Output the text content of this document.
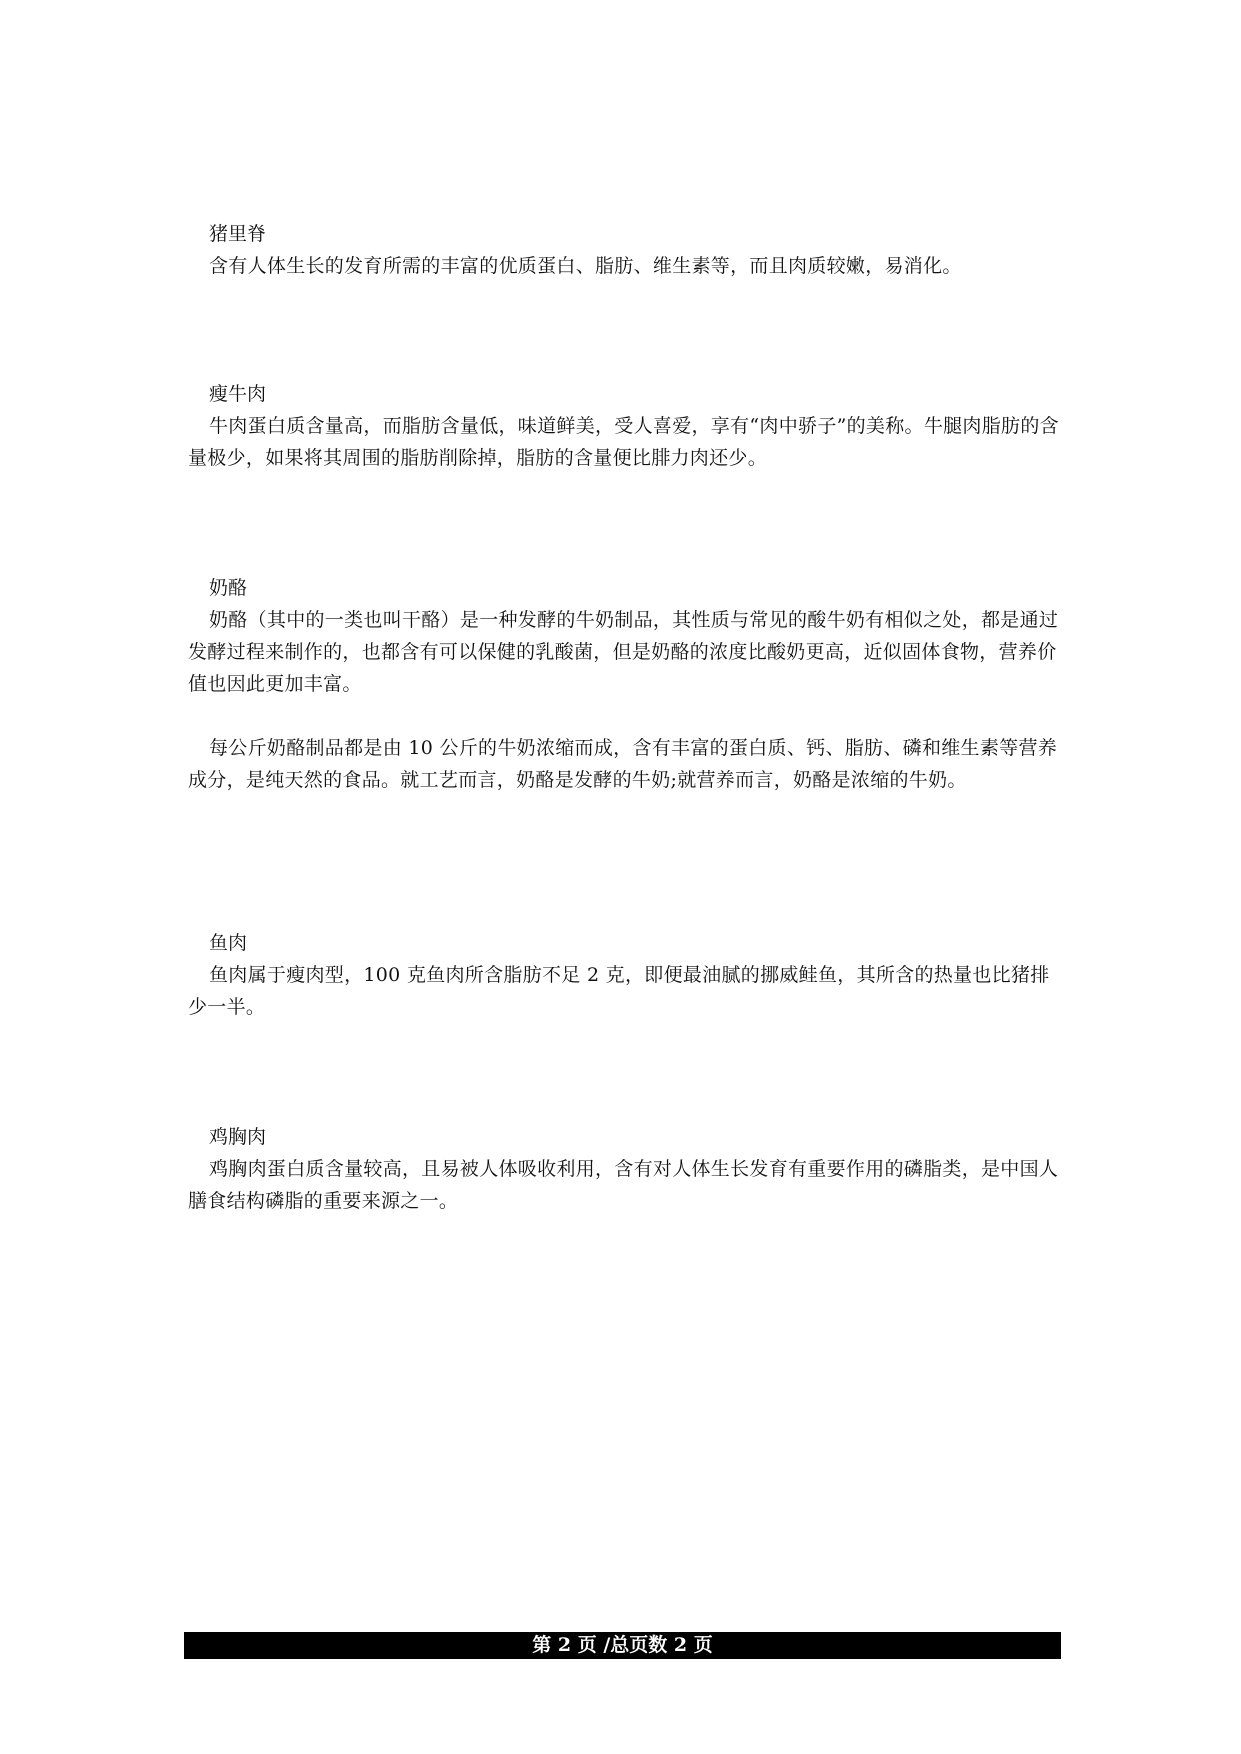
猪里脊

含有人体生长的发育所需的丰富的优质蛋白、脂肪、维生素等，而且肉质较嫩，易消化。

瘦牛肉

牛肉蛋白质含量高，而脂肪含量低，味道鲜美，受人喜爱，享有“肉中骄子”的美称。牛腿肉脂肪的含量极少，如果将其周围的脂肪削除掉，脂肪的含量便比腓力肉还少。

奶酪

奶酪（其中的一类也叫干酪）是一种发酵的牛奶制品，其性质与常见的酸牛奶有相似之处，都是通过发酵过程来制作的，也都含有可以保健的乳酸菌，但是奶酪的浓度比酸奶更高，近似固体食物，营养价值也因此更加丰富。

每公斤奶酪制品都是由 10 公斤的牛奶浓缩而成，含有丰富的蛋白质、钙、脂肪、磷和维生素等营养成分，是纯天然的食品。就工艺而言，奶酪是发酵的牛奶;就营养而言，奶酪是浓缩的牛奶。

鱼肉

鱼肉属于瘦肉型，100 克鱼肉所含脂肪不足 2 克，即便最油腻的挪威鲑鱼，其所含的热量也比猪排少一半。

鸡胸肉

鸡胸肉蛋白质含量较高，且易被人体吸收利用，含有对人体生长发育有重要作用的磷脂类，是中国人膳食结构磷脂的重要来源之一。

第 2 页 /总页数 2 页
